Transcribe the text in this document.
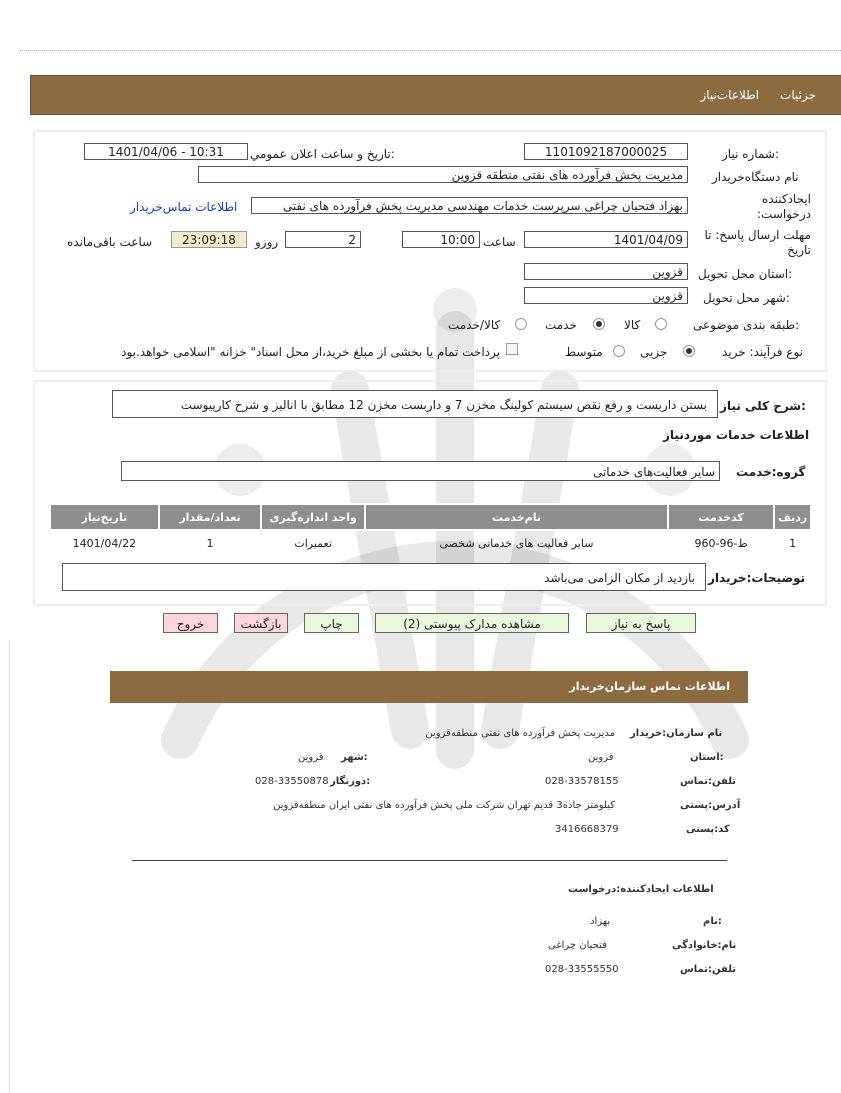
جزئیات
اطلاعات‌نیاز
شماره نیاز:
1101092187000025
تاریخ و ساعت اعلان عمومي:
1401/04/06 - 10:31
نام دستگاه‌خریدار
مدیریت پخش فرآورده های نفتی منطقه قزوین
ایجادکننده درخواست:
بهزاد فتحیان چراغی سرپرست خدمات مهندسی مدیریت پخش فرآورده های نفتی
اطلاعات تماس‌خریدار
مهلت ارسال پاسخ: تا تاریخ
1401/04/09
ساعت
10:00
2
روزو
23:09:18
ساعت باقی‌مانده
استان محل تحویل:
قزوین
شهر محل تحویل:
قزوین
طبقه بندی موضوعی:
کالا
خدمت
کالا/خدمت
نوع فرآیند: خرید
جزیی
متوسط
پرداخت تمام یا بخشی از مبلغ خرید،از محل اسناد" خزانه "اسلامی خواهد.بود
شرح کلی نیاز:
بستن داربست و رفع نقص سیستم کولینگ مخزن 7 و داربست مخزن 12 مطابق با انالیز و شرح کارپیوست
اطلاعات خدمات موردنیاز
گروه:خدمت
سایر فعالیت‌های خدماتی
ردیف	کدخدمت	نام‌خدمت	واحد اندازه‌گیری	تعداد/مقدار	تاریخ‌نیاز
1	ط-96-960	سایر فعالیت های خدماتی شخصی	تعمیرات	1	1401/04/22
توضیحات:خریدار
بازدید از مکان الزامی می‌باشد
پاسخ به نیاز
مشاهده مدارک پیوستی (2)
چاپ
بازگشت
خروج
اطلاعات تماس سازمان‌خریدار
نام سازمان:خریدار
مدیریت پخش فرآورده های نفتی منطقه‌قزوین
استان:
قزوین
شهر:
قزوین
تلفن:تماس
028-33578155
دورنگار:
028-33550878
آدرس:پستی
کیلومتر جاده3 قدیم تهران شرکت ملی پخش فرآورده های نفتی ایران منطقه‌قزوین
کد:پستی
3416668379
اطلاعات ایجادکننده:درخواست
نام:
بهزاد
نام:خانوادگی
فتحیان چراغی
تلفن:تماس
028-33555550
